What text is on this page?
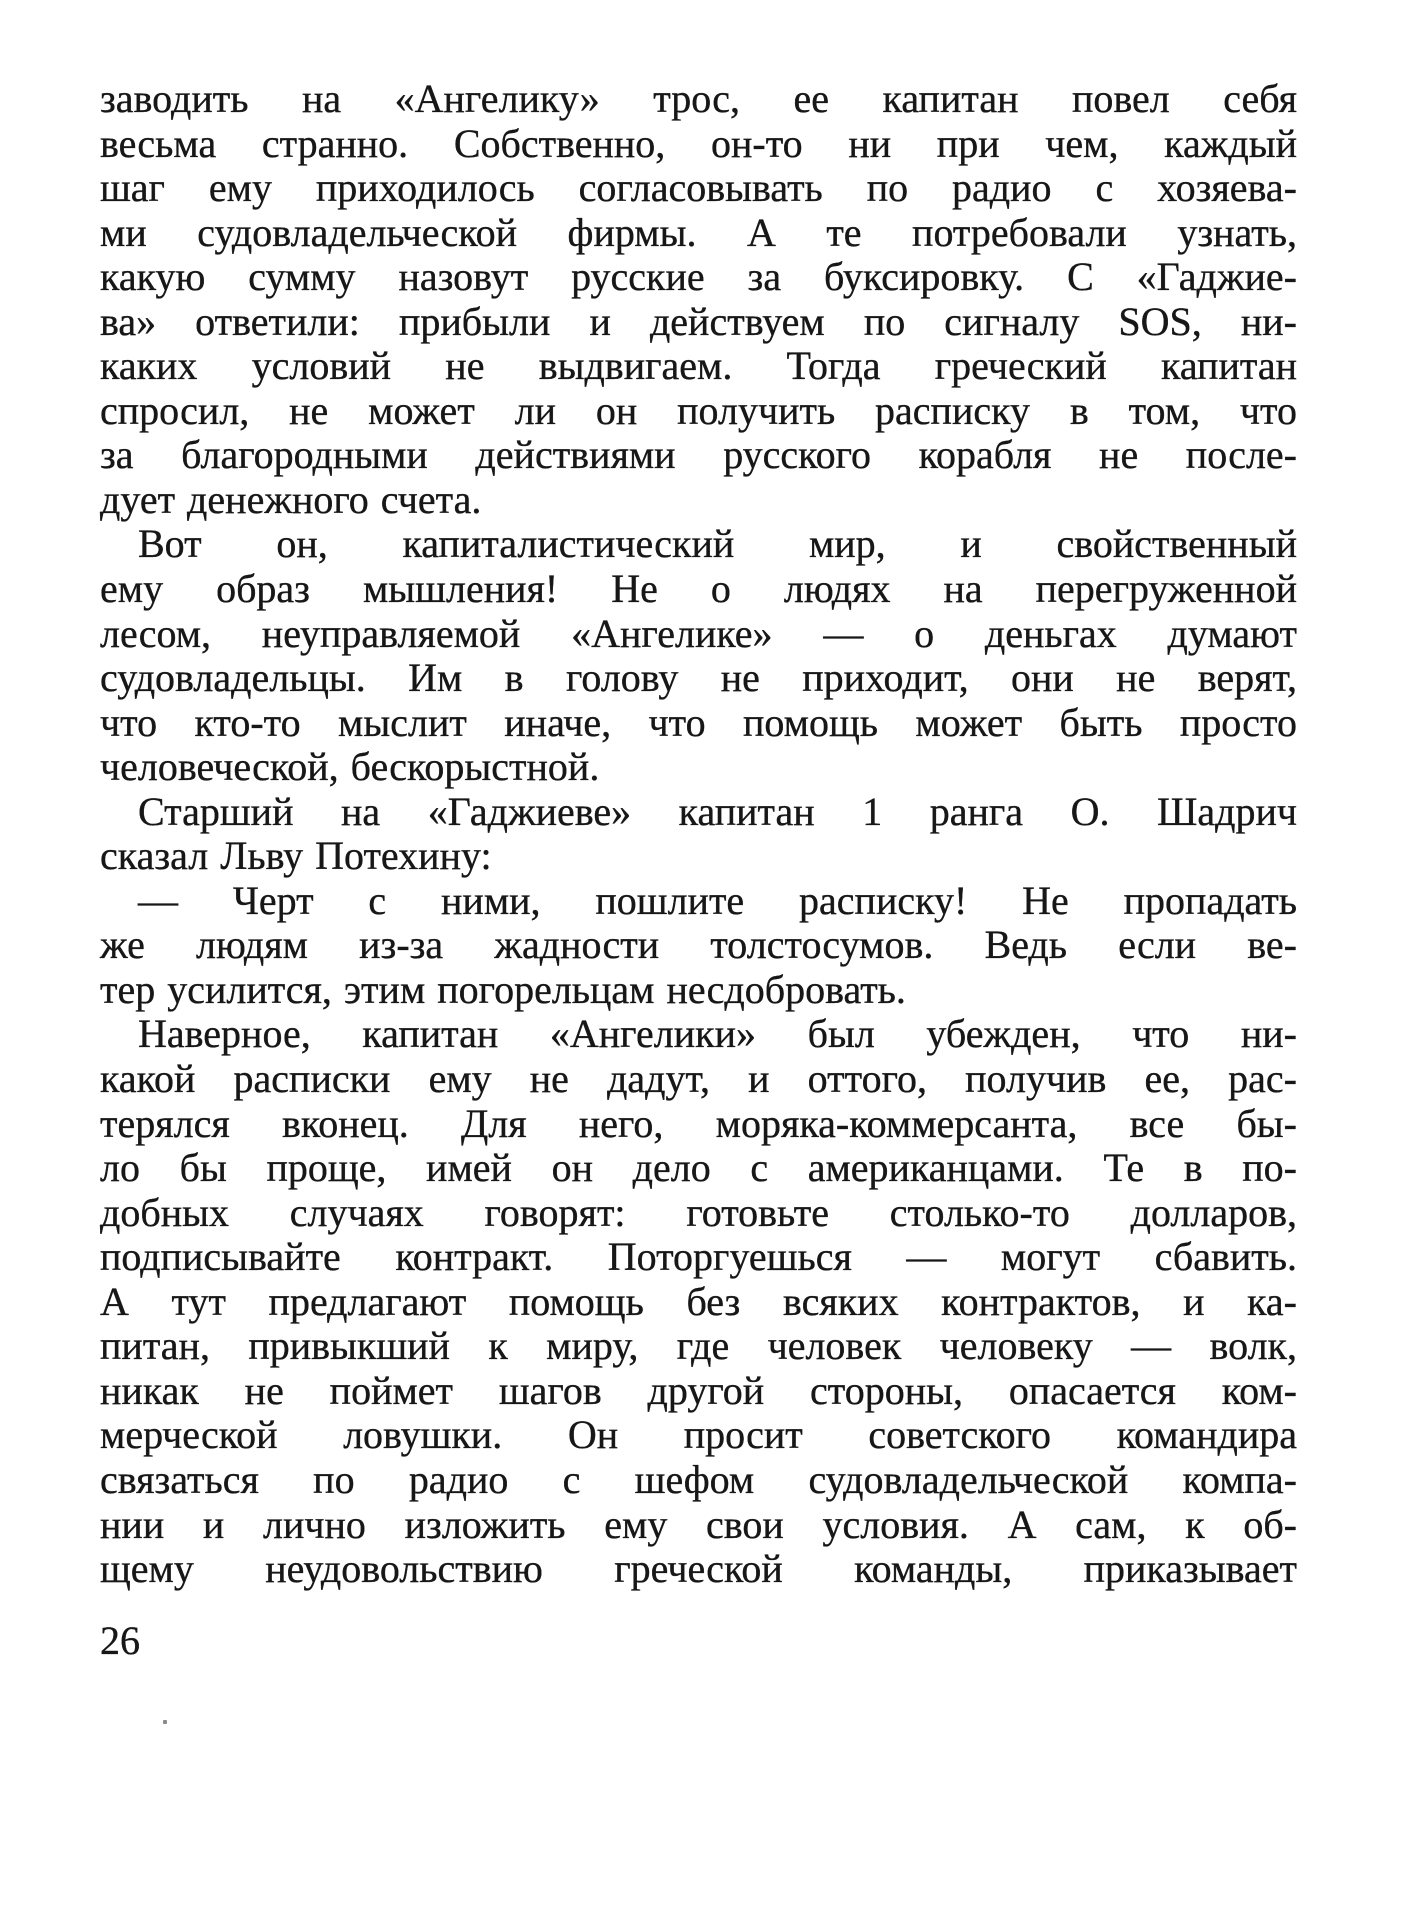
заводить на «Ангелику» трос, ее капитан повел себя
весьма странно. Собственно, он-то ни при чем, каждый
шаг ему приходилось согласовывать по радио с хозяева-
ми судовладельческой фирмы. А те потребовали узнать,
какую сумму назовут русские за буксировку. С «Гаджие-
ва» ответили: прибыли и действуем по сигналу SOS, ни-
каких условий не выдвигаем. Тогда греческий капитан
спросил, не может ли он получить расписку в том, что
за благородными действиями русского корабля не после-
дует денежного счета.
Вот он, капиталистический мир, и свойственный
ему образ мышления! Не о людях на перегруженной
лесом, неуправляемой «Ангелике» — о деньгах думают
судовладельцы. Им в голову не приходит, они не верят,
что кто-то мыслит иначе, что помощь может быть просто
человеческой, бескорыстной.
Старший на «Гаджиеве» капитан 1 ранга О. Шадрич
сказал Льву Потехину:
— Черт с ними, пошлите расписку! Не пропадать
же людям из-за жадности толстосумов. Ведь если ве-
тер усилится, этим погорельцам несдобровать.
Наверное, капитан «Ангелики» был убежден, что ни-
какой расписки ему не дадут, и оттого, получив ее, рас-
терялся вконец. Для него, моряка-коммерсанта, все бы-
ло бы проще, имей он дело с американцами. Те в по-
добных случаях говорят: готовьте столько-то долларов,
подписывайте контракт. Поторгуешься — могут сбавить.
А тут предлагают помощь без всяких контрактов, и ка-
питан, привыкший к миру, где человек человеку — волк,
никак не поймет шагов другой стороны, опасается ком-
мерческой ловушки. Он просит советского командира
связаться по радио с шефом судовладельческой компа-
нии и лично изложить ему свои условия. А сам, к об-
щему неудовольствию греческой команды, приказывает
26
